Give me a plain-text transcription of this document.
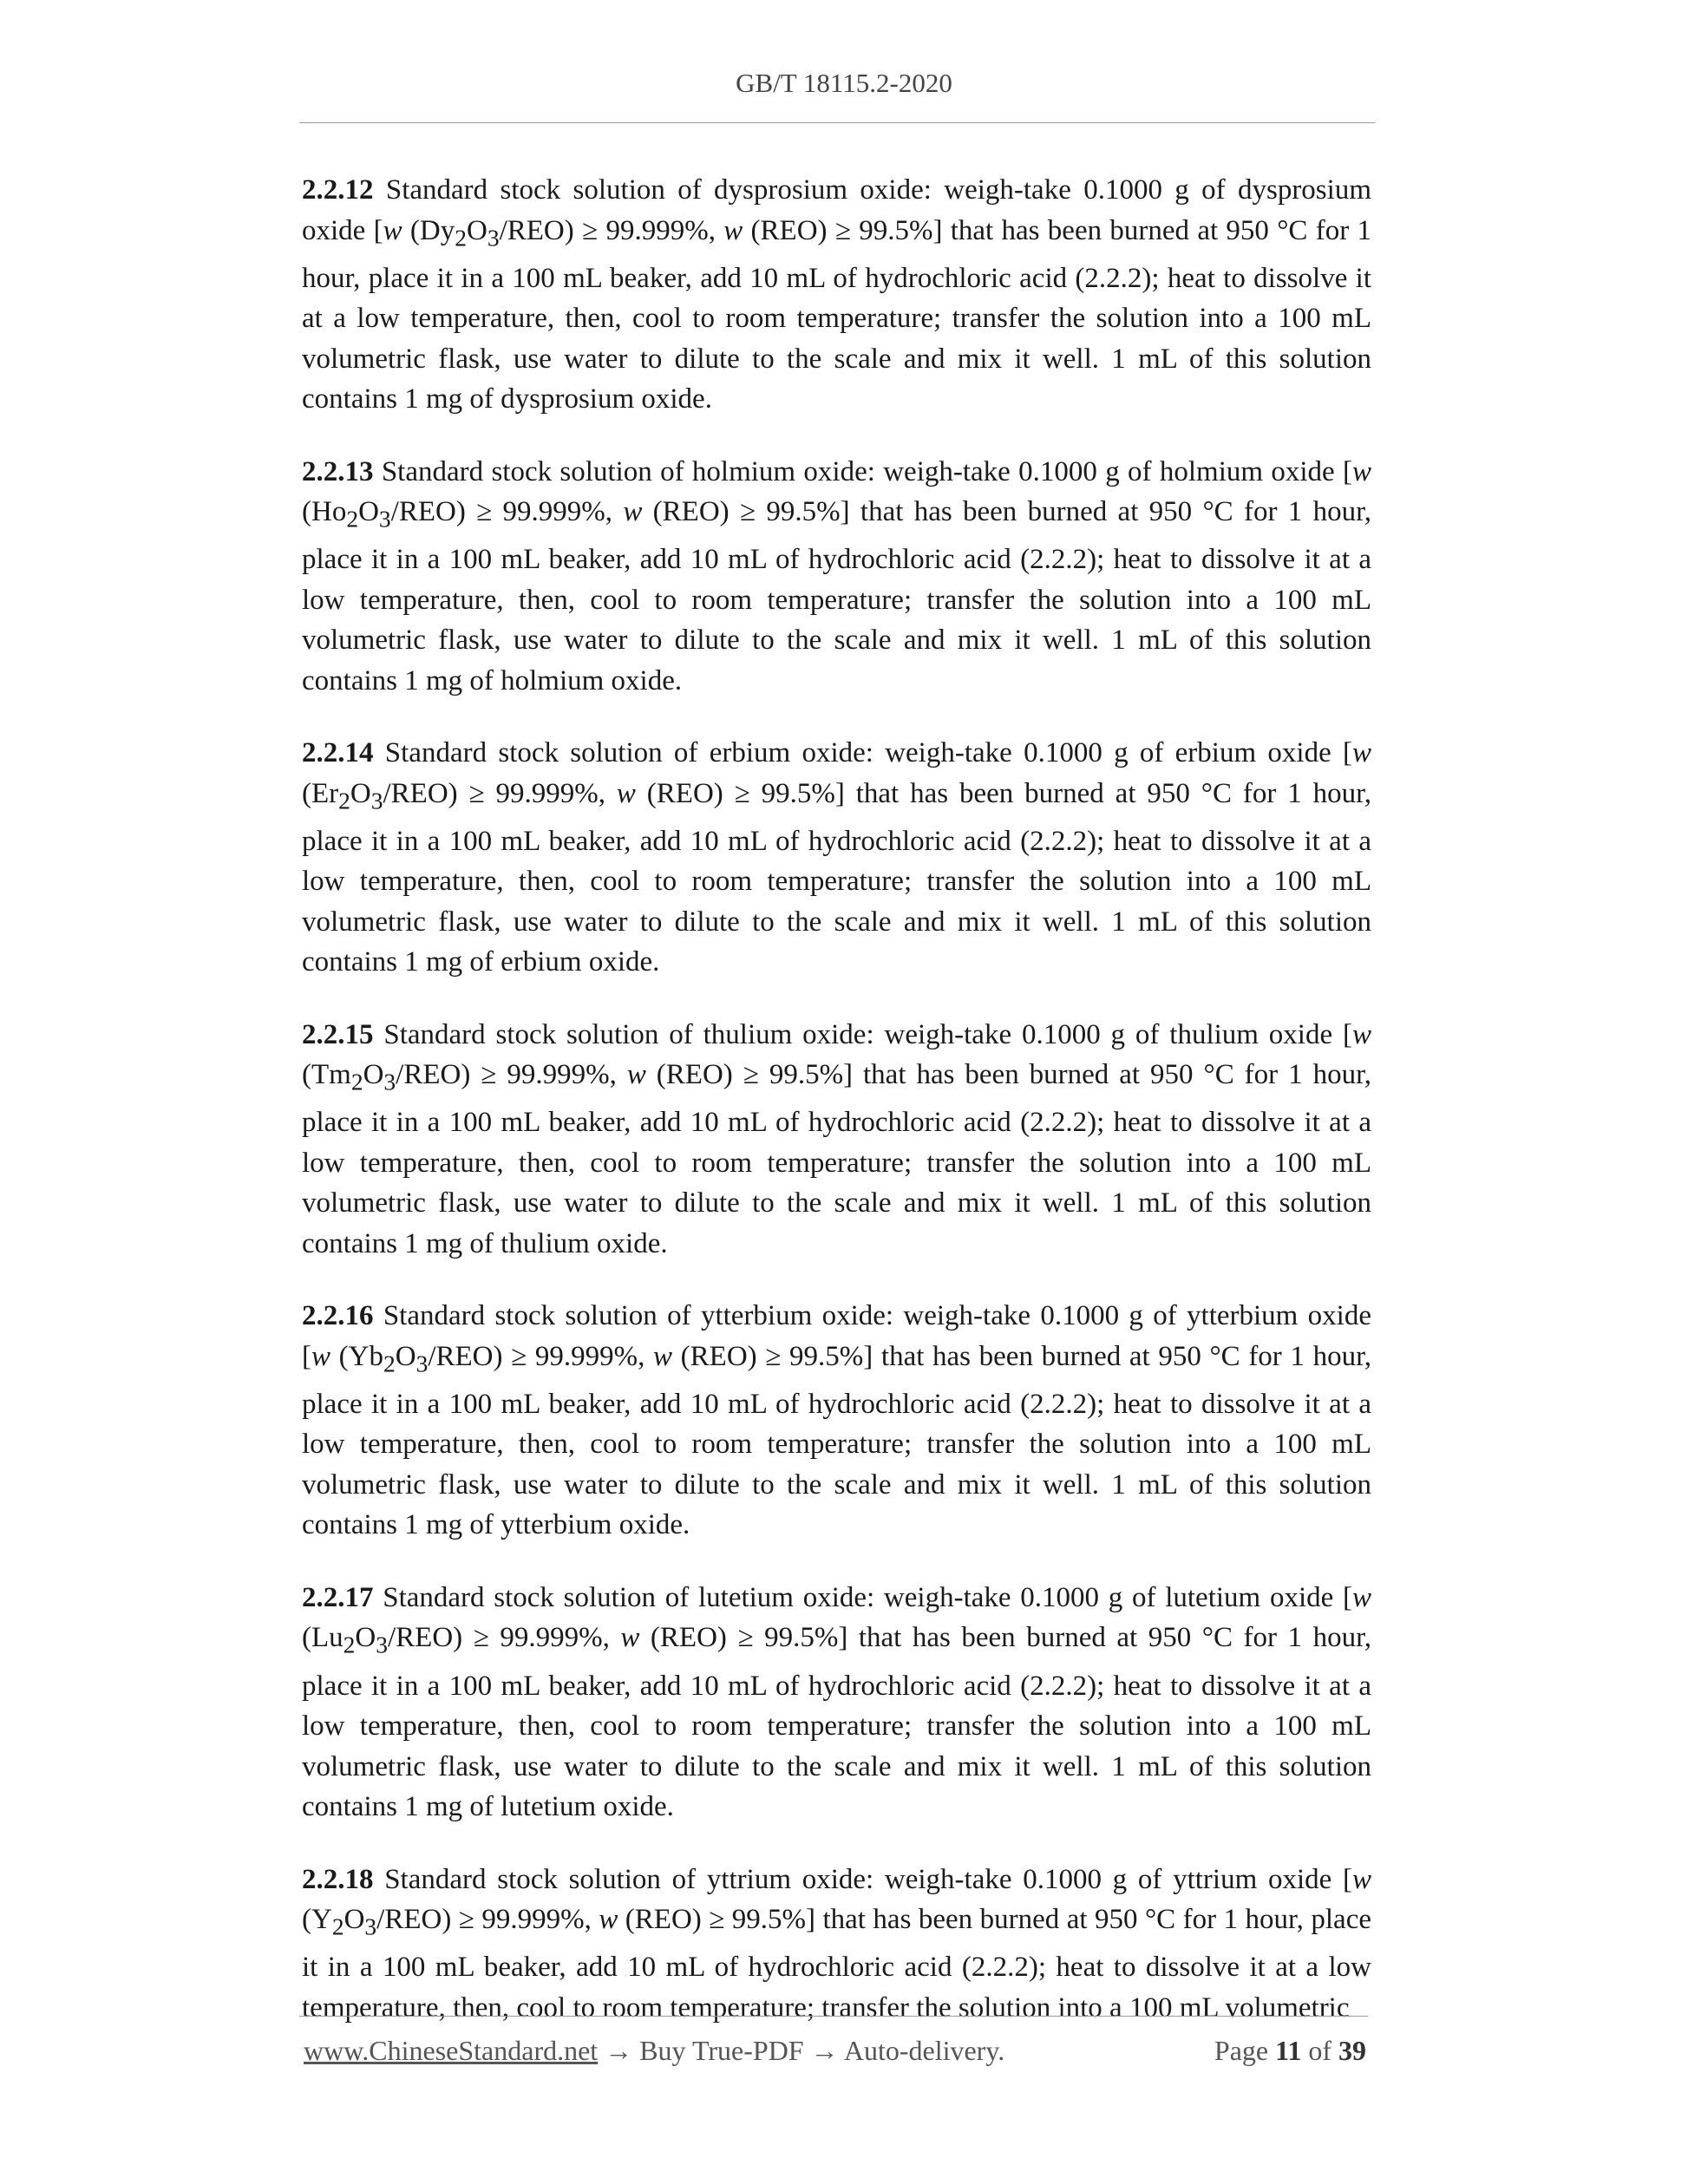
GB/T 18115.2-2020

2.2.12 Standard stock solution of dysprosium oxide: weigh-take 0.1000 g of dysprosium oxide [w $(Dy_2O_3/REO) \ge 99.999\%$, w (REO) ≥ 99.5%] that has been burned at 950 °C for 1 hour, place it in a 100 mL beaker, add 10 mL of hydrochloric acid (2.2.2); heat to dissolve it at a low temperature, then, cool to room temperature; transfer the solution into a 100 mL volumetric flask, use water to dilute to the scale and mix it well. 1 mL of this solution contains 1 mg of dysprosium oxide.

2.2.13 Standard stock solution of holmium oxide: weigh-take 0.1000 g of holmium oxide [w $(Ho_2O_3/REO) \ge 99.999\%$, w (REO) ≥ 99.5%] that has been burned at 950 °C for 1 hour, place it in a 100 mL beaker, add 10 mL of hydrochloric acid (2.2.2); heat to dissolve it at a low temperature, then, cool to room temperature; transfer the solution into a 100 mL volumetric flask, use water to dilute to the scale and mix it well. 1 mL of this solution contains 1 mg of holmium oxide.

2.2.14 Standard stock solution of erbium oxide: weigh-take 0.1000 g of erbium oxide [w $(Er_2O_3/REO) \ge 99.999\%$, w (REO) ≥ 99.5%] that has been burned at 950 °C for 1 hour, place it in a 100 mL beaker, add 10 mL of hydrochloric acid (2.2.2); heat to dissolve it at a low temperature, then, cool to room temperature; transfer the solution into a 100 mL volumetric flask, use water to dilute to the scale and mix it well. 1 mL of this solution contains 1 mg of erbium oxide.

2.2.15 Standard stock solution of thulium oxide: weigh-take 0.1000 g of thulium oxide [w $(Tm_2O_3/REO) \ge 99.999\%$, w (REO) ≥ 99.5%] that has been burned at 950 °C for 1 hour, place it in a 100 mL beaker, add 10 mL of hydrochloric acid (2.2.2); heat to dissolve it at a low temperature, then, cool to room temperature; transfer the solution into a 100 mL volumetric flask, use water to dilute to the scale and mix it well. 1 mL of this solution contains 1 mg of thulium oxide.

2.2.16 Standard stock solution of ytterbium oxide: weigh-take 0.1000 g of ytterbium oxide [w $(Yb_2O_3/REO) \ge 99.999\%$, w (REO) ≥ 99.5%] that has been burned at 950 °C for 1 hour, place it in a 100 mL beaker, add 10 mL of hydrochloric acid (2.2.2); heat to dissolve it at a low temperature, then, cool to room temperature; transfer the solution into a 100 mL volumetric flask, use water to dilute to the scale and mix it well. 1 mL of this solution contains 1 mg of ytterbium oxide.

2.2.17 Standard stock solution of lutetium oxide: weigh-take 0.1000 g of lutetium oxide [w $(Lu_2O_3/REO) \ge 99.999\%$, w (REO) ≥ 99.5%] that has been burned at 950 °C for 1 hour, place it in a 100 mL beaker, add 10 mL of hydrochloric acid (2.2.2); heat to dissolve it at a low temperature, then, cool to room temperature; transfer the solution into a 100 mL volumetric flask, use water to dilute to the scale and mix it well. 1 mL of this solution contains 1 mg of lutetium oxide.

2.2.18 Standard stock solution of yttrium oxide: weigh-take 0.1000 g of yttrium oxide [w $(Y_2O_3/REO) \ge 99.999\%$, w (REO) ≥ 99.5%] that has been burned at 950 °C for 1 hour, place it in a 100 mL beaker, add 10 mL of hydrochloric acid (2.2.2); heat to dissolve it at a low temperature, then, cool to room temperature; transfer the solution into a 100 mL volumetric

www.ChineseStandard.net → Buy True-PDF → Auto-delivery.	Page 11 of 39
